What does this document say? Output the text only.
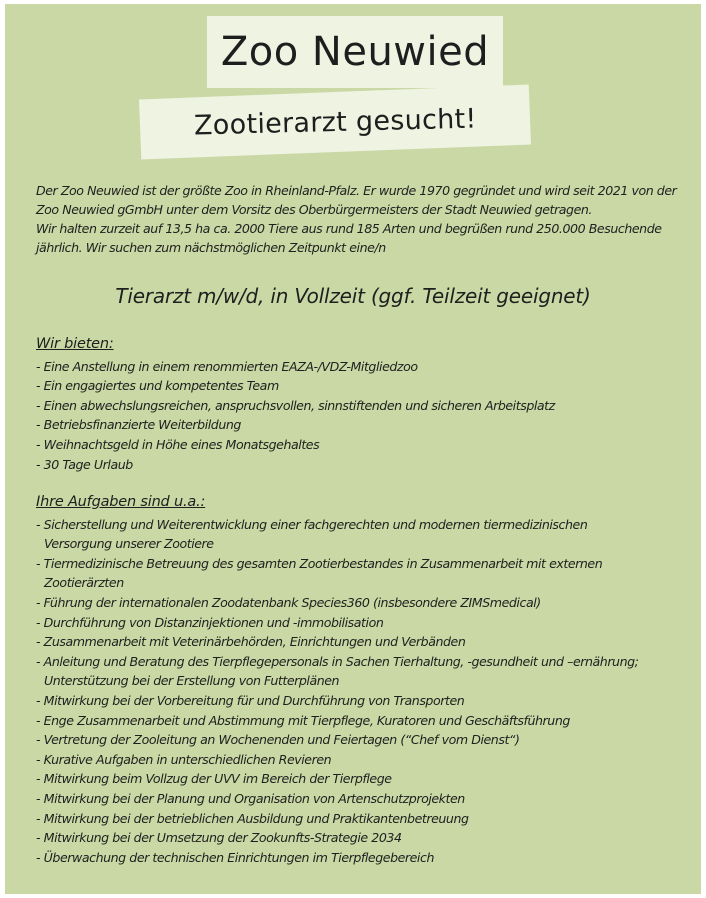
Zoo Neuwied
Zootierarzt gesucht!

Der Zoo Neuwied ist der größte Zoo in Rheinland-Pfalz. Er wurde 1970 gegründet und wird seit 2021 von der Zoo Neuwied gGmbH unter dem Vorsitz des Oberbürgermeisters der Stadt Neuwied getragen.

Wir halten zurzeit auf 13,5 ha ca. 2000 Tiere aus rund 185 Arten und begrüßen rund 250.000 Besuchende jährlich. Wir suchen zum nächstmöglichen Zeitpunkt eine/n

Tierarzt m/w/d, in Vollzeit (ggf. Teilzeit geeignet)
Wir bieten:
- Eine Anstellung in einem renommierten EAZA-/VDZ-Mitgliedzoo
- Ein engagiertes und kompetentes Team
- Einen abwechslungsreichen, anspruchsvollen, sinnstiftenden und sicheren Arbeitsplatz
- Betriebsfinanzierte Weiterbildung
- Weihnachtsgeld in Höhe eines Monatsgehaltes
- 30 Tage Urlaub
Ihre Aufgaben sind u.a.:
- Sicherstellung und Weiterentwicklung einer fachgerechten und modernen tiermedizinischen
Versorgung unserer Zootiere
- Tiermedizinische Betreuung des gesamten Zootierbestandes in Zusammenarbeit mit externen
Zootierärzten
- Führung der internationalen Zoodatenbank Species360 (insbesondere ZIMSmedical)
- Durchführung von Distanzinjektionen und -immobilisation
- Zusammenarbeit mit Veterinärbehörden, Einrichtungen und Verbänden
- Anleitung und Beratung des Tierpflegepersonals in Sachen Tierhaltung, -gesundheit und –ernährung;
Unterstützung bei der Erstellung von Futterplänen
- Mitwirkung bei der Vorbereitung für und Durchführung von Transporten
- Enge Zusammenarbeit und Abstimmung mit Tierpflege, Kuratoren und Geschäftsführung
- Vertretung der Zooleitung an Wochenenden und Feiertagen (“Chef vom Dienst“)
- Kurative Aufgaben in unterschiedlichen Revieren
- Mitwirkung beim Vollzug der UVV im Bereich der Tierpflege
- Mitwirkung bei der Planung und Organisation von Artenschutzprojekten
- Mitwirkung bei der betrieblichen Ausbildung und Praktikantenbetreuung
- Mitwirkung bei der Umsetzung der Zookunfts-Strategie 2034
- Überwachung der technischen Einrichtungen im Tierpflegebereich
